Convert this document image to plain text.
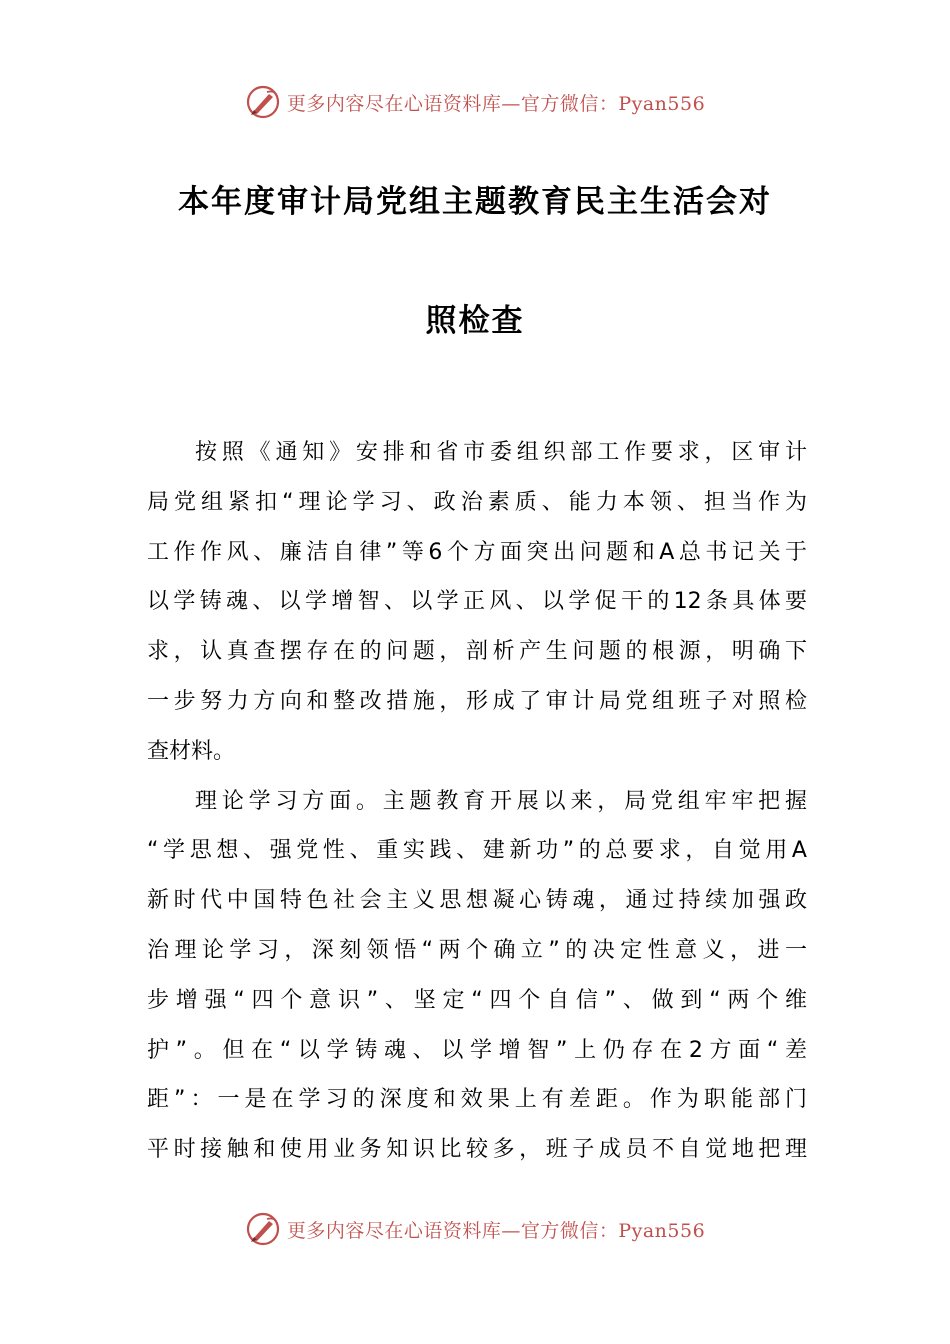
更多内容尽在心语资料库—官方微信：Pyan556
本年度审计局党组主题教育民主生活会对
照检查
按照《通知》安排和省市委组织部工作要求，区审计
局党组紧扣“理论学习、政治素质、能力本领、担当作为
工作作风、廉洁自律”等6个方面突出问题和A总书记关于
以学铸魂、以学增智、以学正风、以学促干的12条具体要
求，认真查摆存在的问题，剖析产生问题的根源，明确下
一步努力方向和整改措施，形成了审计局党组班子对照检
查材料。
理论学习方面。主题教育开展以来，局党组牢牢把握
“学思想、强党性、重实践、建新功”的总要求，自觉用A
新时代中国特色社会主义思想凝心铸魂，通过持续加强政
治理论学习，深刻领悟“两个确立”的决定性意义，进一
步增强“四个意识”、坚定“四个自信”、做到“两个维
护”。但在“以学铸魂、以学增智”上仍存在2方面“差
距”：一是在学习的深度和效果上有差距。作为职能部门
平时接触和使用业务知识比较多，班子成员不自觉地把理
更多内容尽在心语资料库—官方微信：Pyan556
